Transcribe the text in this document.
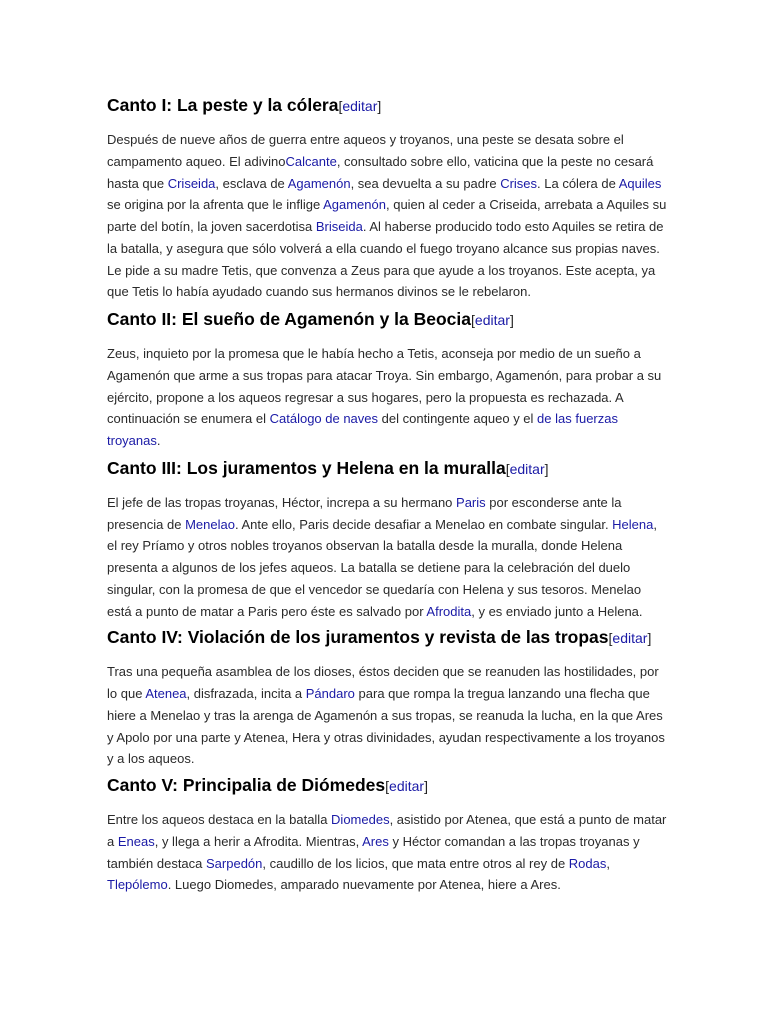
Canto I: La peste y la cólera[editar]

Después de nueve años de guerra entre aqueos y troyanos, una peste se desata sobre el campamento aqueo. El adivinoCalcante, consultado sobre ello, vaticina que la peste no cesará hasta que Criseida, esclava de Agamenón, sea devuelta a su padre Crises. La cólera de Aquiles se origina por la afrenta que le inflige Agamenón, quien al ceder a Criseida, arrebata a Aquiles su parte del botín, la joven sacerdotisa Briseida. Al haberse producido todo esto Aquiles se retira de la batalla, y asegura que sólo volverá a ella cuando el fuego troyano alcance sus propias naves. Le pide a su madre Tetis, que convenza a Zeus para que ayude a los troyanos. Este acepta, ya que Tetis lo había ayudado cuando sus hermanos divinos se le rebelaron.

Canto II: El sueño de Agamenón y la Beocia[editar]

Zeus, inquieto por la promesa que le había hecho a Tetis, aconseja por medio de un sueño a Agamenón que arme a sus tropas para atacar Troya. Sin embargo, Agamenón, para probar a su ejército, propone a los aqueos regresar a sus hogares, pero la propuesta es rechazada. A continuación se enumera el Catálogo de naves del contingente aqueo y el de las fuerzas troyanas.

Canto III: Los juramentos y Helena en la muralla[editar]

El jefe de las tropas troyanas, Héctor, increpa a su hermano Paris por esconderse ante la presencia de Menelao. Ante ello, Paris decide desafiar a Menelao en combate singular. Helena, el rey Príamo y otros nobles troyanos observan la batalla desde la muralla, donde Helena presenta a algunos de los jefes aqueos. La batalla se detiene para la celebración del duelo singular, con la promesa de que el vencedor se quedaría con Helena y sus tesoros. Menelao está a punto de matar a Paris pero éste es salvado por Afrodita, y es enviado junto a Helena.

Canto IV: Violación de los juramentos y revista de las tropas[editar]

Tras una pequeña asamblea de los dioses, éstos deciden que se reanuden las hostilidades, por lo que Atenea, disfrazada, incita a Pándaro para que rompa la tregua lanzando una flecha que hiere a Menelao y tras la arenga de Agamenón a sus tropas, se reanuda la lucha, en la que Ares y Apolo por una parte y Atenea, Hera y otras divinidades, ayudan respectivamente a los troyanos y a los aqueos.

Canto V: Principalia de Diómedes[editar]

Entre los aqueos destaca en la batalla Diomedes, asistido por Atenea, que está a punto de matar a Eneas, y llega a herir a Afrodita. Mientras, Ares y Héctor comandan a las tropas troyanas y también destaca Sarpedón, caudillo de los licios, que mata entre otros al rey de Rodas, Tlepólemo. Luego Diomedes, amparado nuevamente por Atenea, hiere a Ares.
